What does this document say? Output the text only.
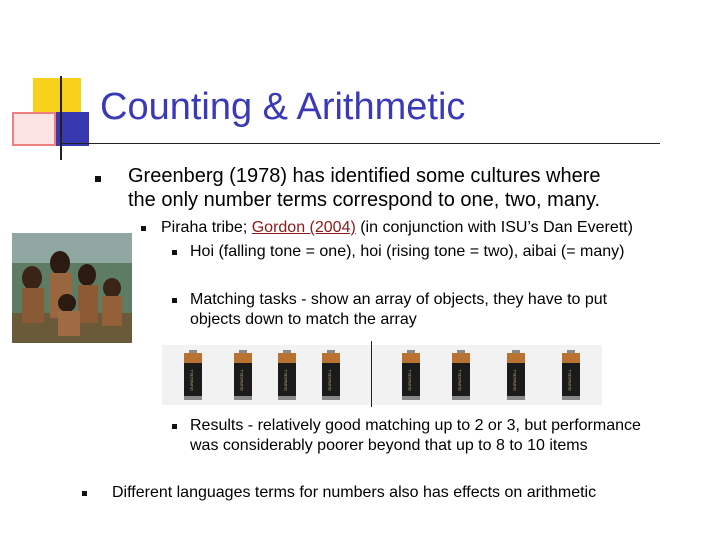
Counting & Arithmetic
Greenberg (1978) has identified some cultures where
the only number terms correspond to one, two, many.
Piraha tribe; Gordon (2004) (in conjunction with ISU’s Dan Everett)
Hoi (falling tone = one), hoi (rising tone = two), aibai (= many)
Matching tasks - show an array of objects, they have to put
objects down to match the array
DURACELL	DURACELL	DURACELL	DURACELL	DURACELL	DURACELL	DURACELL	DURACELL
Results - relatively good matching up to 2 or 3, but performance
was considerably poorer beyond that up to 8 to 10 items
Different languages terms for numbers also has effects on arithmetic
